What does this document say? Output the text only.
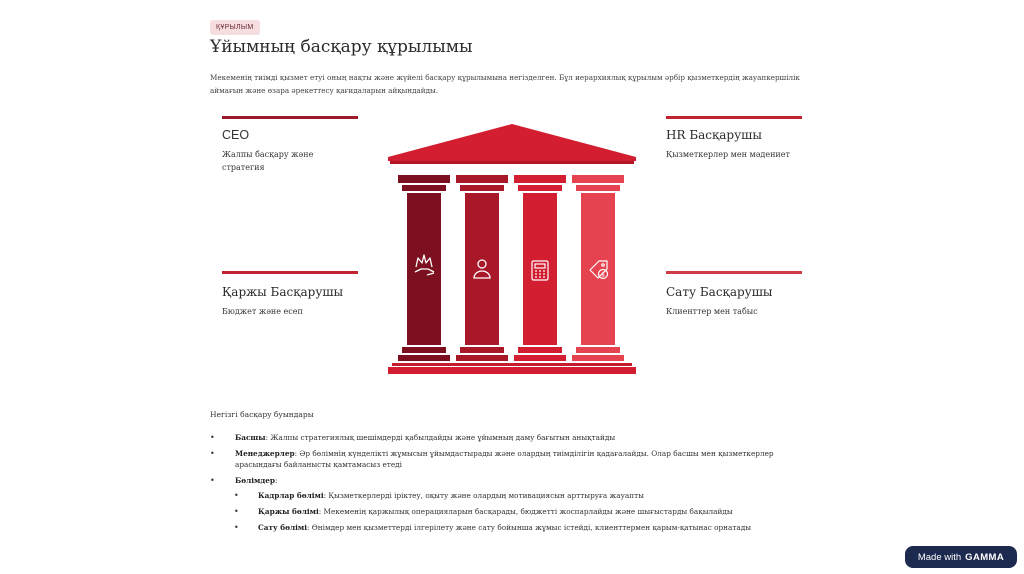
ҚҰРЫЛЫМ
Ұйымның басқару құрылымы

Мекеменің тиімді қызмет етуі оның нақты және жүйелі басқару құрылымына негізделген. Бұл иерархиялық құрылым әрбір қызметкердің жауапкершілік аймағын және өзара әрекеттесу қағидаларын айқындайды.

CEO
Жалпы басқару және стратегия
Қаржы Басқарушы
Бюджет және есеп
HR Басқарушы
Қызметкерлер мен мәдениет
Сату Басқарушы
Клиенттер мен табыс
$
Негізгі басқару буындары
• Басшы: Жалпы стратегиялық шешімдерді қабылдайды және ұйымның даму бағытын анықтайды
• Менеджерлер: Әр бөлімнің күнделікті жұмысын ұйымдастырады және олардың тиімділігін қадағалайды. Олар басшы мен қызметкерлер арасындағы байланысты қамтамасыз етеді
• Бөлімдер:
• Кадрлар бөлімі: Қызметкерлерді іріктеу, оқыту және олардың мотивациясын арттыруға жауапты
• Қаржы бөлімі: Мекеменің қаржылық операцияларын басқарады, бюджетті жоспарлайды және шығыстарды бақылайды
• Сату бөлімі: Өнімдер мен қызметтерді ілгерілету және сату бойынша жұмыс істейді, клиенттермен қарым-қатынас орнатады
Made with GAMMA
